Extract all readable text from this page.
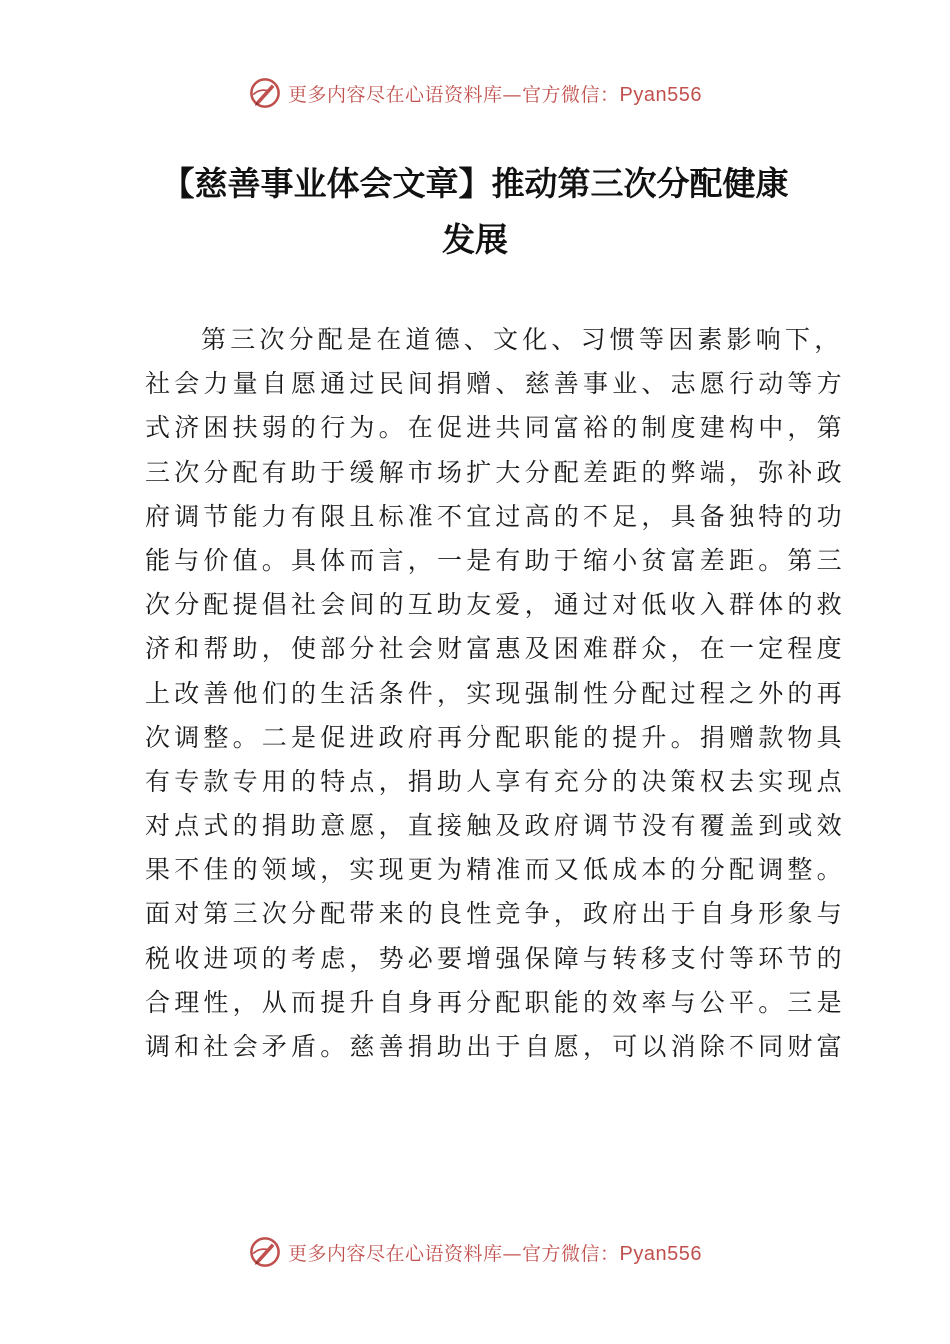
更多内容尽在心语资料库—官方微信：Pyan556
【慈善事业体会文章】推动第三次分配健康
发展
第三次分配是在道德、文化、习惯等因素影响下，
社会力量自愿通过民间捐赠、慈善事业、志愿行动等方
式济困扶弱的行为。在促进共同富裕的制度建构中，第
三次分配有助于缓解市场扩大分配差距的弊端，弥补政
府调节能力有限且标准不宜过高的不足，具备独特的功
能与价值。具体而言，一是有助于缩小贫富差距。第三
次分配提倡社会间的互助友爱，通过对低收入群体的救
济和帮助，使部分社会财富惠及困难群众，在一定程度
上改善他们的生活条件，实现强制性分配过程之外的再
次调整。二是促进政府再分配职能的提升。捐赠款物具
有专款专用的特点，捐助人享有充分的决策权去实现点
对点式的捐助意愿，直接触及政府调节没有覆盖到或效
果不佳的领域，实现更为精准而又低成本的分配调整。
面对第三次分配带来的良性竞争，政府出于自身形象与
税收进项的考虑，势必要增强保障与转移支付等环节的
合理性，从而提升自身再分配职能的效率与公平。三是
调和社会矛盾。慈善捐助出于自愿，可以消除不同财富
更多内容尽在心语资料库—官方微信：Pyan556
